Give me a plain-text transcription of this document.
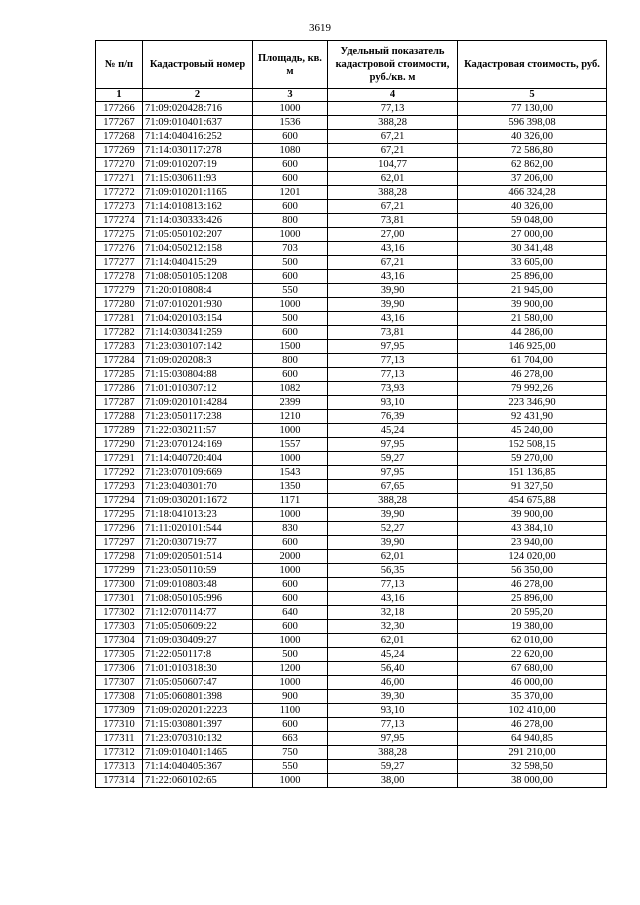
3619
№ п/п	Кадастровый номер	Площадь, кв. м	Удельный показатель кадастровой стоимости, руб./кв. м	Кадастровая стоимость, руб.
1	2	3	4	5
177266	71:09:020428:716	1000	77,13	77 130,00
177267	71:09:010401:637	1536	388,28	596 398,08
177268	71:14:040416:252	600	67,21	40 326,00
177269	71:14:030117:278	1080	67,21	72 586,80
177270	71:09:010207:19	600	104,77	62 862,00
177271	71:15:030611:93	600	62,01	37 206,00
177272	71:09:010201:1165	1201	388,28	466 324,28
177273	71:14:010813:162	600	67,21	40 326,00
177274	71:14:030333:426	800	73,81	59 048,00
177275	71:05:050102:207	1000	27,00	27 000,00
177276	71:04:050212:158	703	43,16	30 341,48
177277	71:14:040415:29	500	67,21	33 605,00
177278	71:08:050105:1208	600	43,16	25 896,00
177279	71:20:010808:4	550	39,90	21 945,00
177280	71:07:010201:930	1000	39,90	39 900,00
177281	71:04:020103:154	500	43,16	21 580,00
177282	71:14:030341:259	600	73,81	44 286,00
177283	71:23:030107:142	1500	97,95	146 925,00
177284	71:09:020208:3	800	77,13	61 704,00
177285	71:15:030804:88	600	77,13	46 278,00
177286	71:01:010307:12	1082	73,93	79 992,26
177287	71:09:020101:4284	2399	93,10	223 346,90
177288	71:23:050117:238	1210	76,39	92 431,90
177289	71:22:030211:57	1000	45,24	45 240,00
177290	71:23:070124:169	1557	97,95	152 508,15
177291	71:14:040720:404	1000	59,27	59 270,00
177292	71:23:070109:669	1543	97,95	151 136,85
177293	71:23:040301:70	1350	67,65	91 327,50
177294	71:09:030201:1672	1171	388,28	454 675,88
177295	71:18:041013:23	1000	39,90	39 900,00
177296	71:11:020101:544	830	52,27	43 384,10
177297	71:20:030719:77	600	39,90	23 940,00
177298	71:09:020501:514	2000	62,01	124 020,00
177299	71:23:050110:59	1000	56,35	56 350,00
177300	71:09:010803:48	600	77,13	46 278,00
177301	71:08:050105:996	600	43,16	25 896,00
177302	71:12:070114:77	640	32,18	20 595,20
177303	71:05:050609:22	600	32,30	19 380,00
177304	71:09:030409:27	1000	62,01	62 010,00
177305	71:22:050117:8	500	45,24	22 620,00
177306	71:01:010318:30	1200	56,40	67 680,00
177307	71:05:050607:47	1000	46,00	46 000,00
177308	71:05:060801:398	900	39,30	35 370,00
177309	71:09:020201:2223	1100	93,10	102 410,00
177310	71:15:030801:397	600	77,13	46 278,00
177311	71:23:070310:132	663	97,95	64 940,85
177312	71:09:010401:1465	750	388,28	291 210,00
177313	71:14:040405:367	550	59,27	32 598,50
177314	71:22:060102:65	1000	38,00	38 000,00
